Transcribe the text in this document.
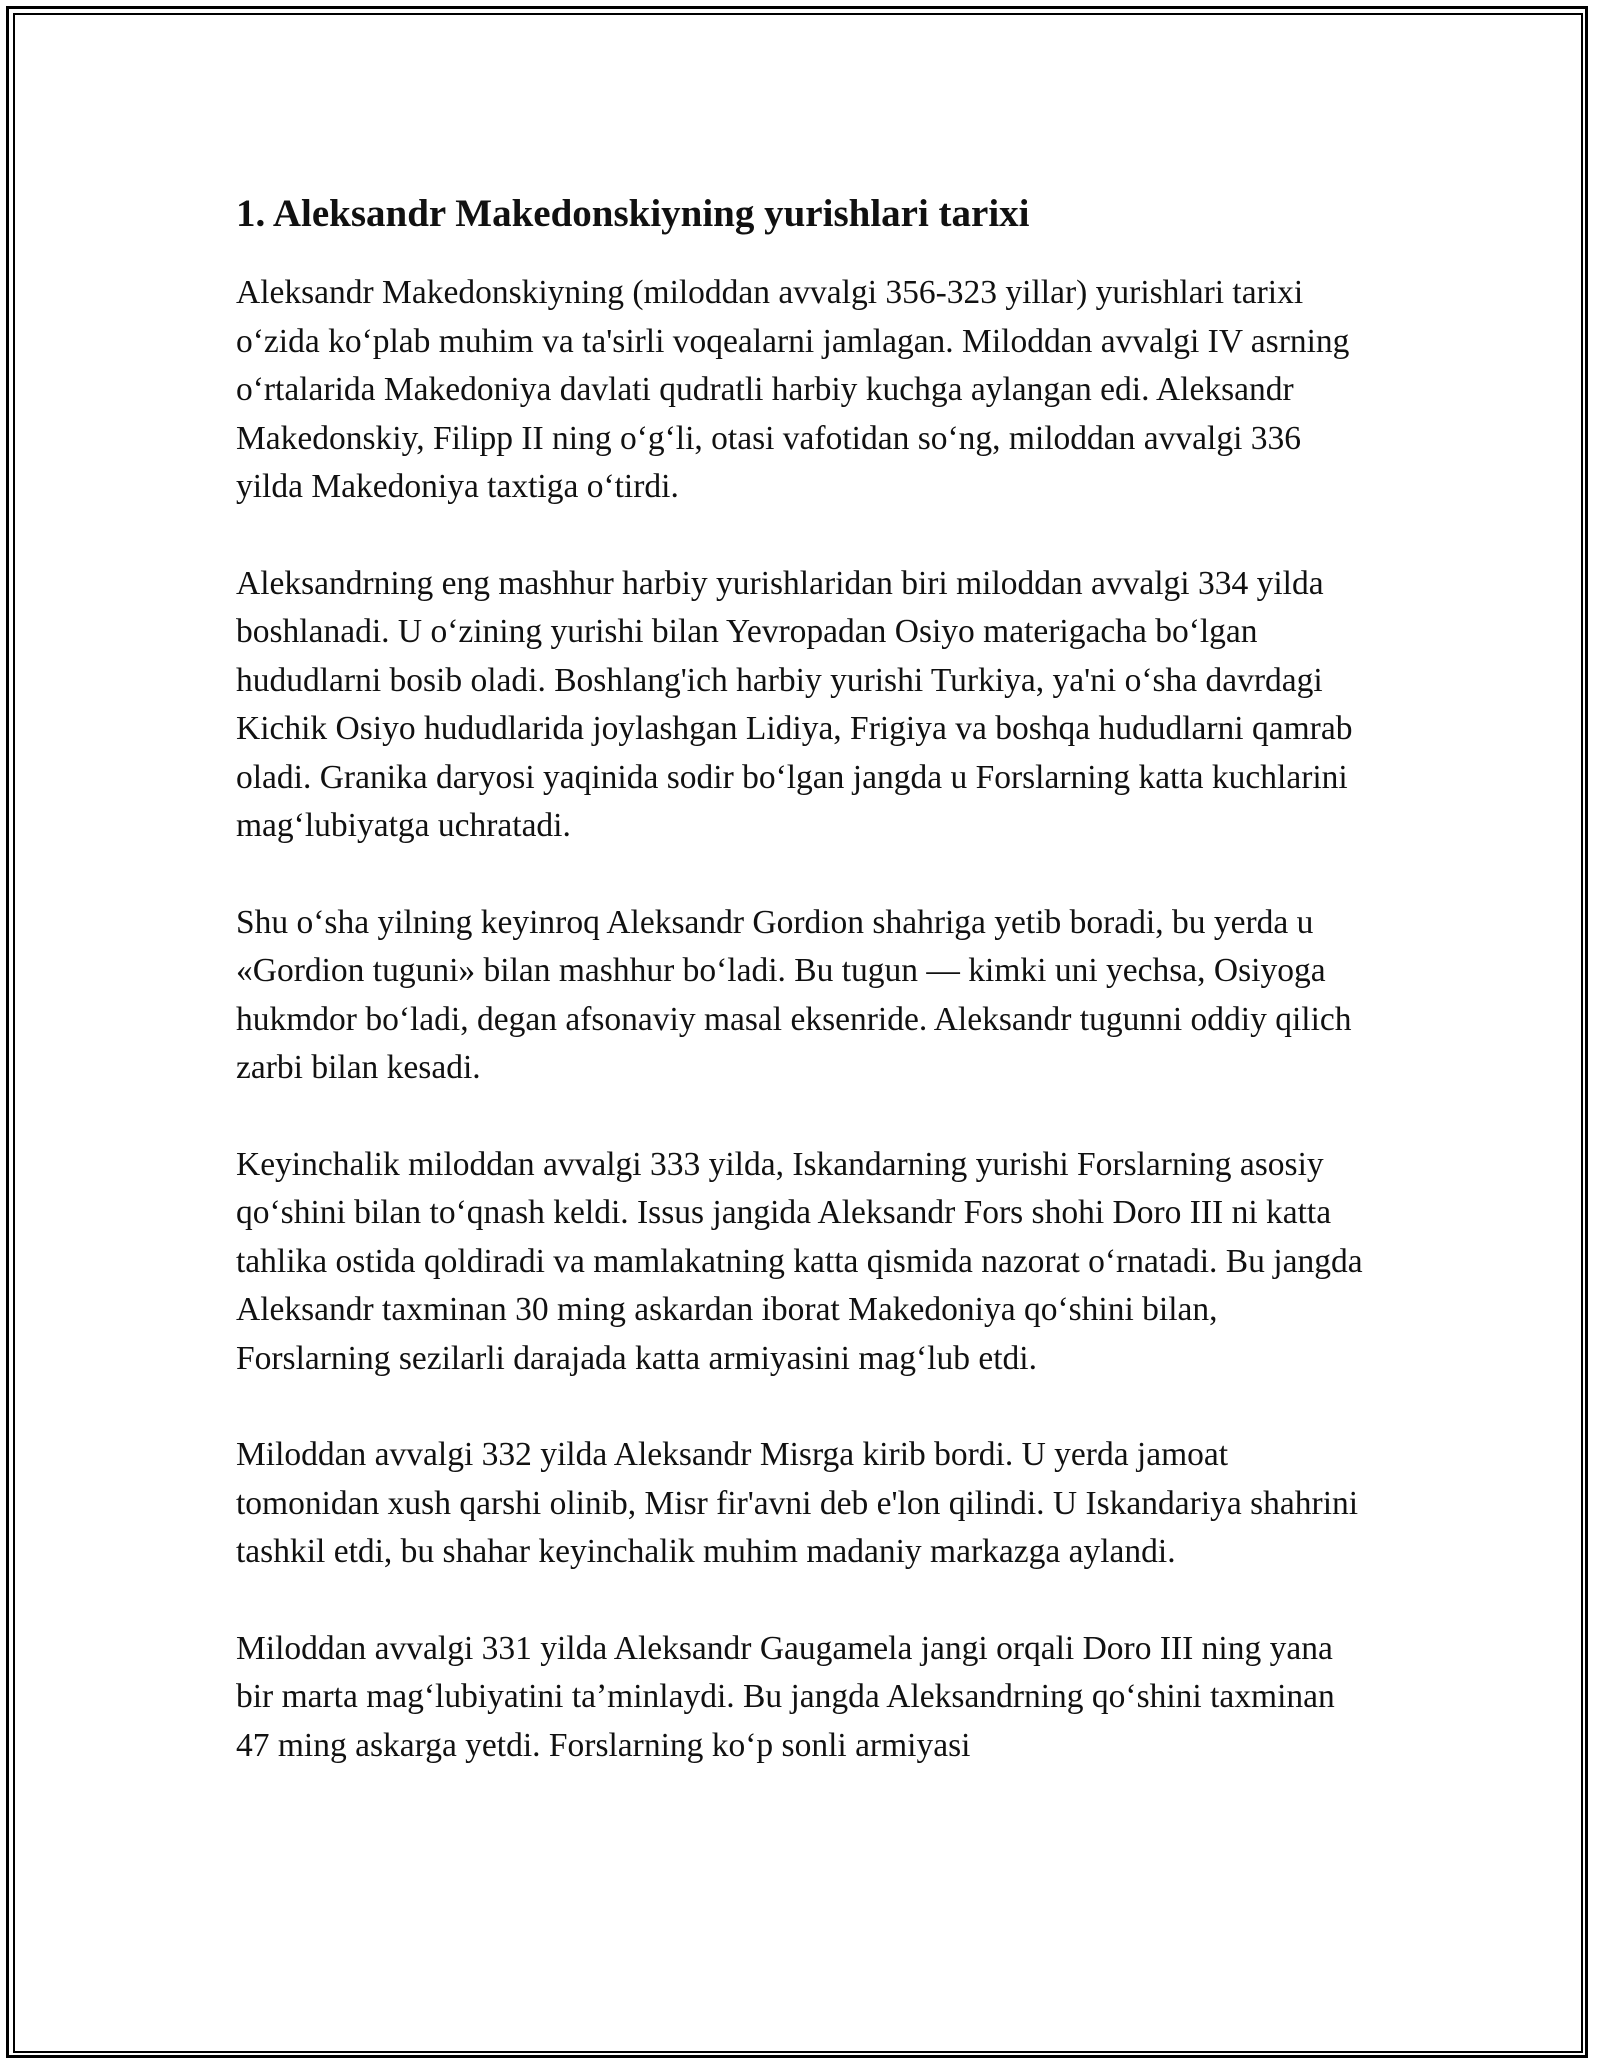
1. Aleksandr Makedonskiyning yurishlari tarixi

Aleksandr Makedonskiyning (miloddan avvalgi 356-323 yillar) yurishlari tarixi oʻzida koʻplab muhim va ta'sirli voqealarni jamlagan. Miloddan avvalgi IV asrning oʻrtalarida Makedoniya davlati qudratli harbiy kuchga aylangan edi. Aleksandr Makedonskiy, Filipp II ning oʻgʻli, otasi vafotidan soʻng, miloddan avvalgi 336 yilda Makedoniya taxtiga oʻtirdi.

Aleksandrning eng mashhur harbiy yurishlaridan biri miloddan avvalgi 334 yilda boshlanadi. U oʻzining yurishi bilan Yevropadan Osiyo materigacha boʻlgan hududlarni bosib oladi. Boshlang'ich harbiy yurishi Turkiya, ya'ni oʻsha davrdagi Kichik Osiyo hududlarida joylashgan Lidiya, Frigiya va boshqa hududlarni qamrab oladi. Granika daryosi yaqinida sodir boʻlgan jangda u Forslarning katta kuchlarini magʻlubiyatga uchratadi.

Shu oʻsha yilning keyinroq Aleksandr Gordion shahriga yetib boradi, bu yerda u «Gordion tuguni» bilan mashhur boʻladi. Bu tugun — kimki uni yechsa, Osiyoga hukmdor boʻladi, degan afsonaviy masal eksenride. Aleksandr tugunni oddiy qilich zarbi bilan kesadi.

Keyinchalik miloddan avvalgi 333 yilda, Iskandarning yurishi Forslarning asosiy qoʻshini bilan toʻqnash keldi. Issus jangida Aleksandr Fors shohi Doro III ni katta tahlika ostida qoldiradi va mamlakatning katta qismida nazorat oʻrnatadi. Bu jangda Aleksandr taxminan 30 ming askardan iborat Makedoniya qoʻshini bilan, Forslarning sezilarli darajada katta armiyasini magʻlub etdi.

Miloddan avvalgi 332 yilda Aleksandr Misrga kirib bordi. U yerda jamoat tomonidan xush qarshi olinib, Misr fir'avni deb e'lon qilindi. U Iskandariya shahrini tashkil etdi, bu shahar keyinchalik muhim madaniy markazga aylandi.

Miloddan avvalgi 331 yilda Aleksandr Gaugamela jangi orqali Doro III ning yana bir marta magʻlubiyatini taʼminlaydi. Bu jangda Aleksandrning qoʻshini taxminan 47 ming askarga yetdi. Forslarning koʻp sonli armiyasi
